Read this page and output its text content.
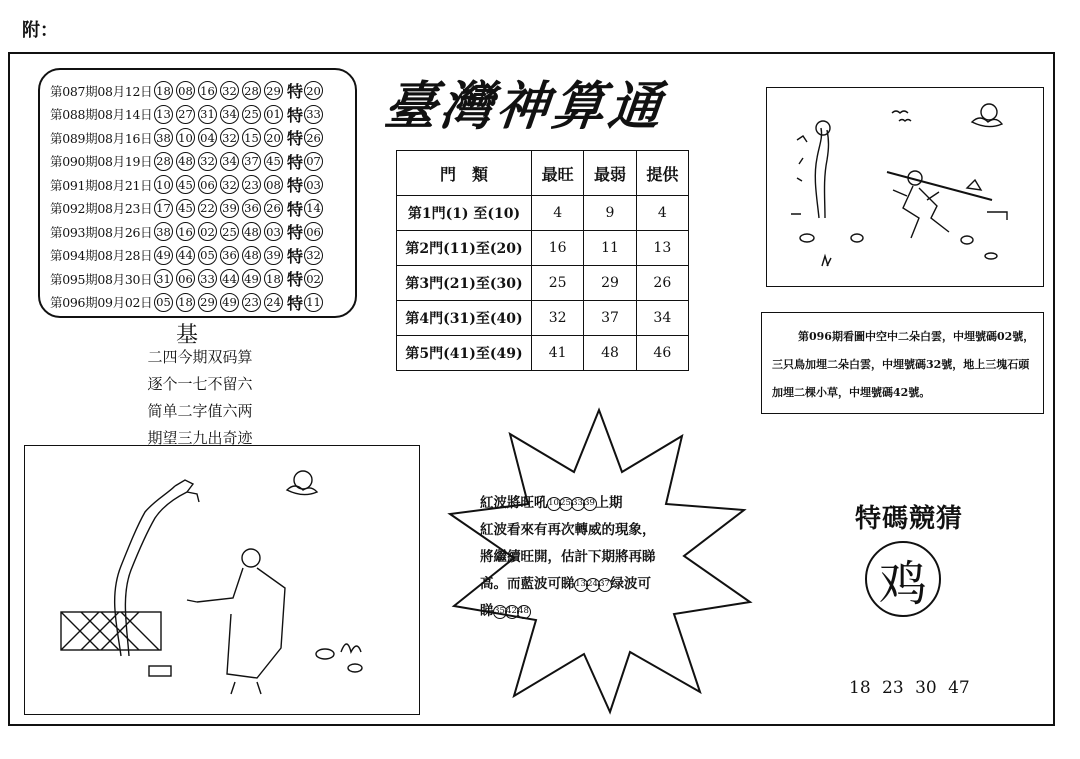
附：
第087期08月12日 18 08 16 32 28 29 特 20
第088期08月14日 13 27 31 34 25 01 特 33
第089期08月16日 38 10 04 32 15 20 特 26
第090期08月19日 28 48 32 34 37 45 特 07
第091期08月21日 10 45 06 32 23 08 特 03
第092期08月23日 17 45 22 39 36 26 特 14
第093期08月26日 38 16 02 25 48 03 特 06
第094期08月28日 49 44 05 36 48 39 特 32
第095期08月30日 31 06 33 44 49 18 特 02
第096期09月02日 05 18 29 49 23 24 特 11
基
二四今期双码算
逐个一七不留六
简单二字值六两
期望三九出奇迹
臺灣神算通
門　類	最旺	最弱	提供
第1門(1) 至(10)	4	9	4
第2門(11)至(20)	16	11	13
第3門(21)至(30)	25	29	26
第4門(31)至(40)	32	37	34
第5門(41)至(49)	41	48	46
第096期看圖中空中二朵白雲，中埋號碼02號，三只鳥加埋二朵白雲，中埋號碼32號，地上三塊石頭加埋二棵小草，中埋號碼42號。
紅波將旺吼10253339上期
紅波看來有再次轉威的現象，
將繼續旺開，估計下期將再睇
高。而藍波可睇132437绿波可
睇354248
特碼競猜
鸡
18 23 30 47
